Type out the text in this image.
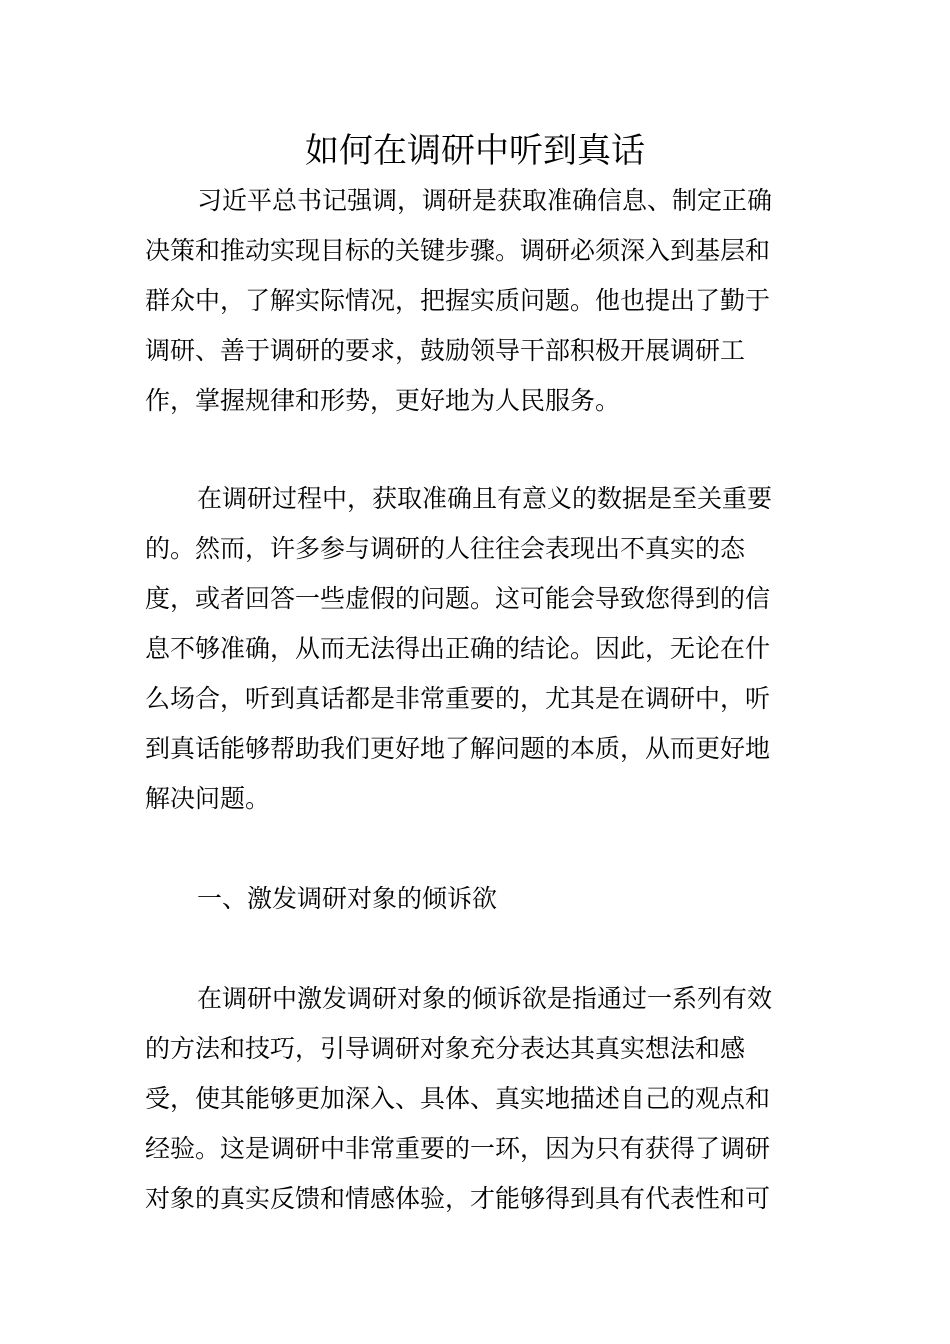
如何在调研中听到真话
习近平总书记强调，调研是获取准确信息、制定正确
决策和推动实现目标的关键步骤。调研必须深入到基层和
群众中，了解实际情况，把握实质问题。他也提出了勤于
调研、善于调研的要求，鼓励领导干部积极开展调研工
作，掌握规律和形势，更好地为人民服务。
在调研过程中，获取准确且有意义的数据是至关重要
的。然而，许多参与调研的人往往会表现出不真实的态
度，或者回答一些虚假的问题。这可能会导致您得到的信
息不够准确，从而无法得出正确的结论。因此，无论在什
么场合，听到真话都是非常重要的，尤其是在调研中，听
到真话能够帮助我们更好地了解问题的本质，从而更好地
解决问题。
一、激发调研对象的倾诉欲
在调研中激发调研对象的倾诉欲是指通过一系列有效
的方法和技巧，引导调研对象充分表达其真实想法和感
受，使其能够更加深入、具体、真实地描述自己的观点和
经验。这是调研中非常重要的一环，因为只有获得了调研
对象的真实反馈和情感体验，才能够得到具有代表性和可
